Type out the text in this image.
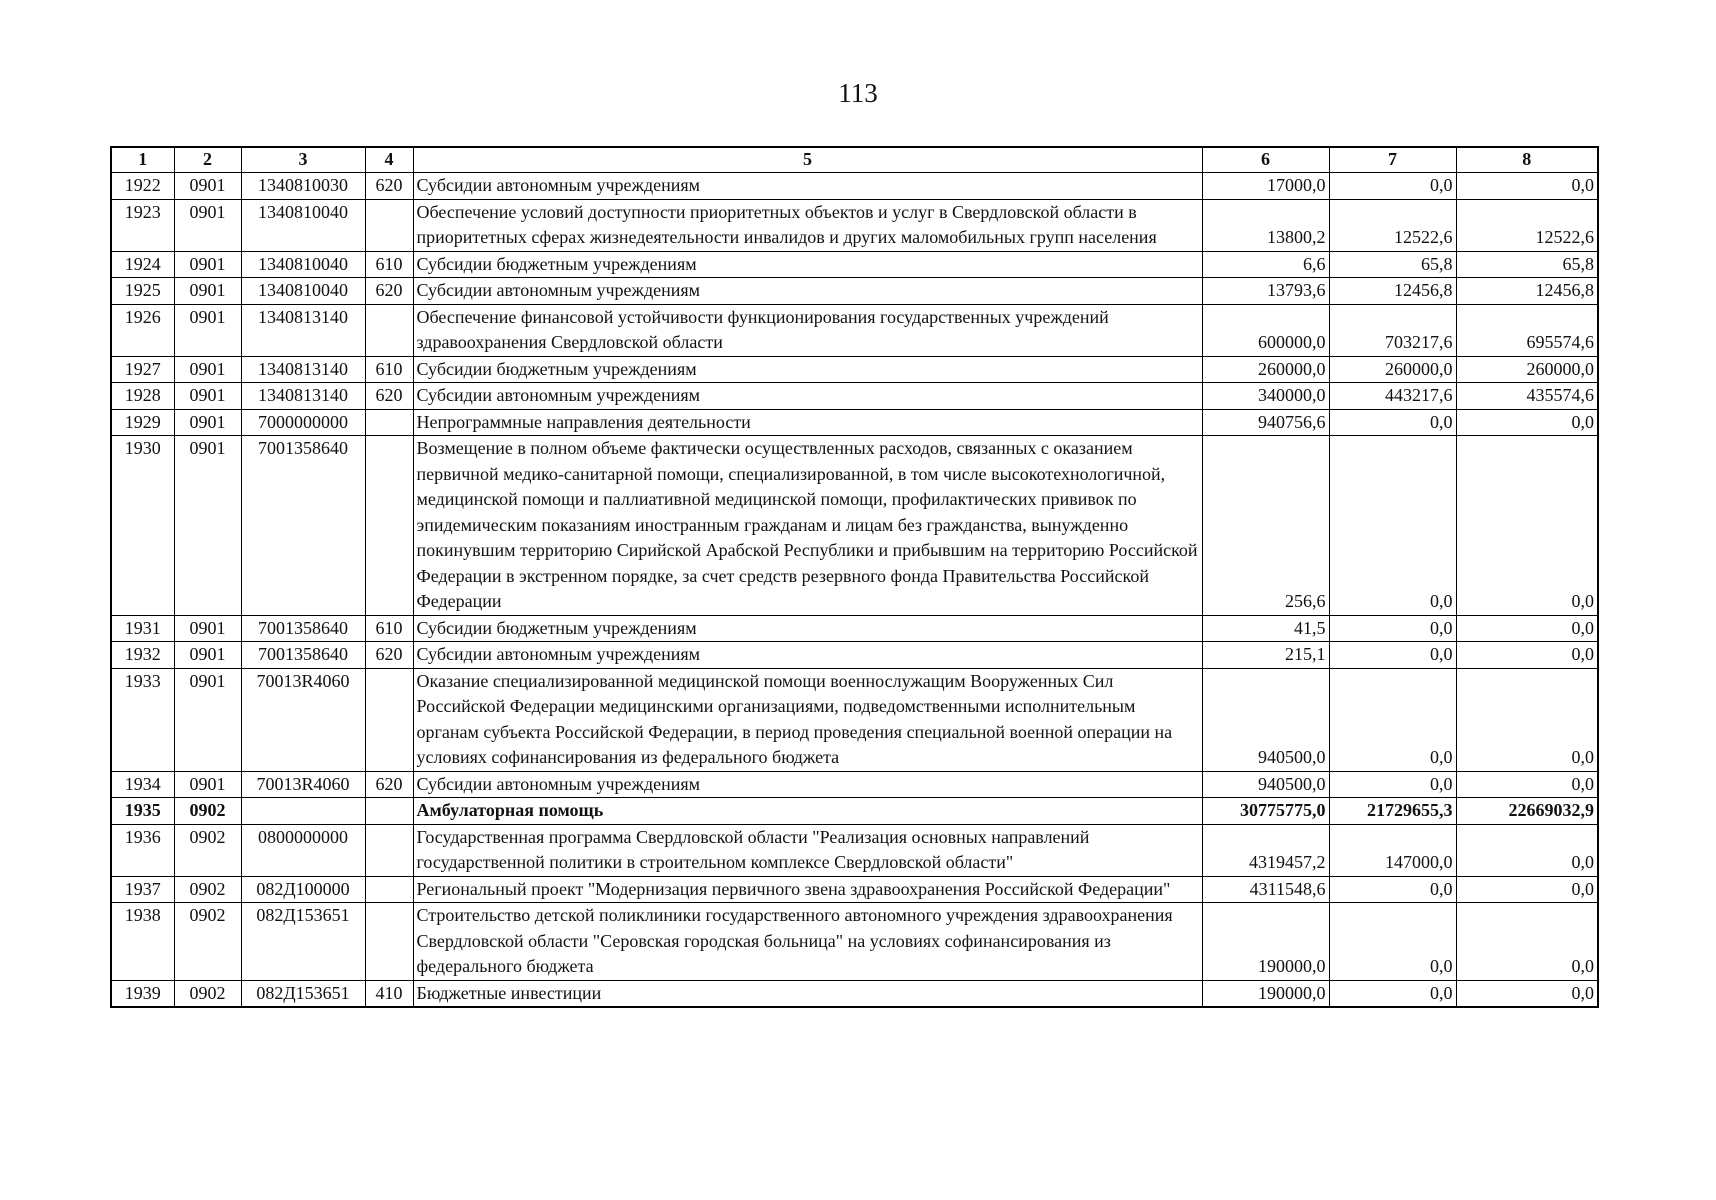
113
1	2	3	4	5	6	7	8
1922	0901	1340810030	620	Субсидии автономным учреждениям	17000,0	0,0	0,0
1923	0901	1340810040		Обеспечение условий доступности приоритетных объектов и услуг в Свердловской области в приоритетных сферах жизнедеятельности инвалидов и других маломобильных групп населения	13800,2	12522,6	12522,6
1924	0901	1340810040	610	Субсидии бюджетным учреждениям	6,6	65,8	65,8
1925	0901	1340810040	620	Субсидии автономным учреждениям	13793,6	12456,8	12456,8
1926	0901	1340813140		Обеспечение финансовой устойчивости функционирования государственных учреждений здравоохранения Свердловской области	600000,0	703217,6	695574,6
1927	0901	1340813140	610	Субсидии бюджетным учреждениям	260000,0	260000,0	260000,0
1928	0901	1340813140	620	Субсидии автономным учреждениям	340000,0	443217,6	435574,6
1929	0901	7000000000		Непрограммные направления деятельности	940756,6	0,0	0,0
1930	0901	7001358640		Возмещение в полном объеме фактически осуществленных расходов, связанных с оказанием первичной медико-санитарной помощи, специализированной, в том числе высокотехнологичной, медицинской помощи и паллиативной медицинской помощи, профилактических прививок по эпидемическим показаниям иностранным гражданам и лицам без гражданства, вынужденно покинувшим территорию Сирийской Арабской Республики и прибывшим на территорию Российской Федерации в экстренном порядке, за счет средств резервного фонда Правительства Российской Федерации	256,6	0,0	0,0
1931	0901	7001358640	610	Субсидии бюджетным учреждениям	41,5	0,0	0,0
1932	0901	7001358640	620	Субсидии автономным учреждениям	215,1	0,0	0,0
1933	0901	70013R4060		Оказание специализированной медицинской помощи военнослужащим Вооруженных Сил Российской Федерации медицинскими организациями, подведомственными исполнительным органам субъекта Российской Федерации, в период проведения специальной военной операции на условиях софинансирования из федерального бюджета	940500,0	0,0	0,0
1934	0901	70013R4060	620	Субсидии автономным учреждениям	940500,0	0,0	0,0
1935	0902			Амбулаторная помощь	30775775,0	21729655,3	22669032,9
1936	0902	0800000000		Государственная программа Свердловской области "Реализация основных направлений государственной политики в строительном комплексе Свердловской области"	4319457,2	147000,0	0,0
1937	0902	082Д100000		Региональный проект "Модернизация первичного звена здравоохранения Российской Федерации"	4311548,6	0,0	0,0
1938	0902	082Д153651		Строительство детской поликлиники государственного автономного учреждения здравоохранения Свердловской области "Серовская городская больница" на условиях софинансирования из федерального бюджета	190000,0	0,0	0,0
1939	0902	082Д153651	410	Бюджетные инвестиции	190000,0	0,0	0,0
